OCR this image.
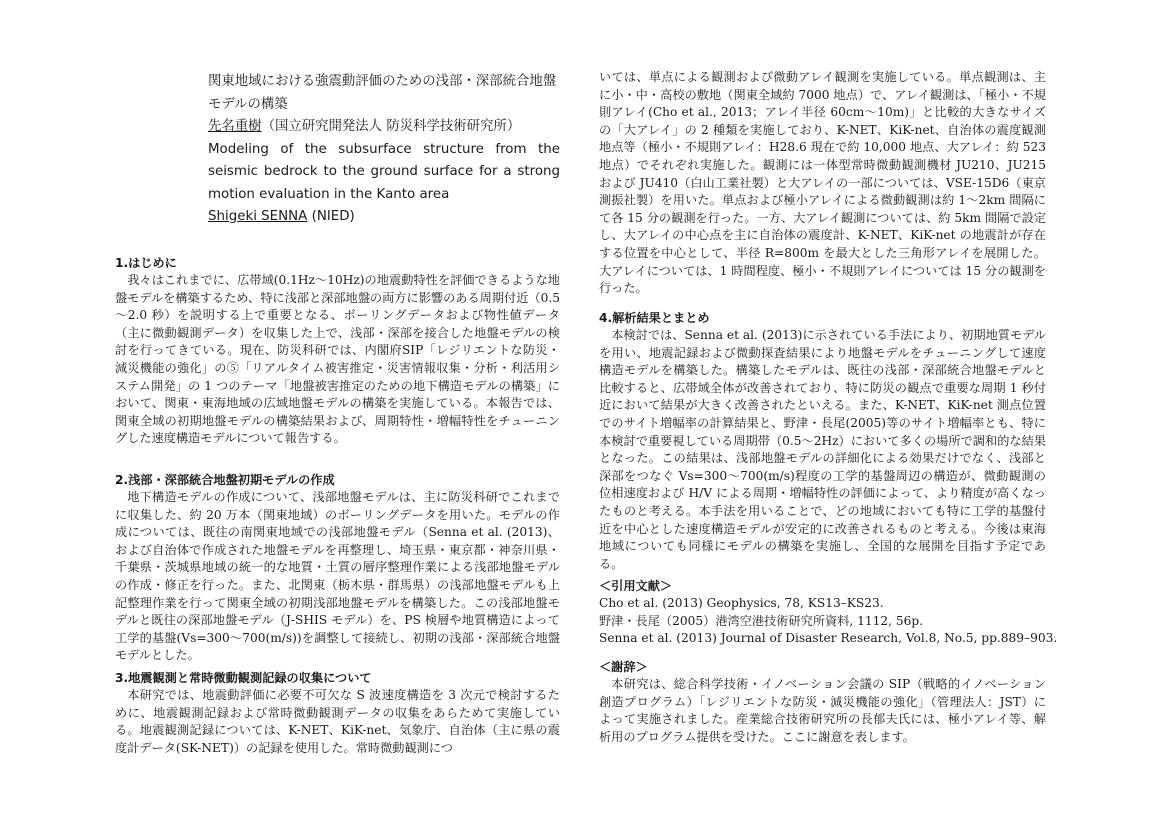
関東地域における強震動評価のための浅部・深部統合地盤モデルの構築

先名重樹（国立研究開発法人 防災科学技術研究所）

Modeling of the subsurface structure from the seismic bedrock to the ground surface for a strong motion evaluation in the Kanto area

Shigeki SENNA (NIED)

1.はじめに

我々はこれまでに、広帯域(0.1Hz～10Hz)の地震動特性を評価できるような地盤モデルを構築するため、特に浅部と深部地盤の両方に影響のある周期付近（0.5～2.0 秒）を説明する上で重要となる、ボーリングデータおよび物性値データ（主に微動観測データ）を収集した上で、浅部・深部を接合した地盤モデルの検討を行ってきている。現在、防災科研では、内閣府SIP「レジリエントな防災・減災機能の強化」の⑤「リアルタイム被害推定・災害情報収集・分析・利活用システム開発」の 1 つのテーマ「地盤被害推定のための地下構造モデルの構築」において、関東・東海地域の広域地盤モデルの構築を実施している。本報告では、関東全域の初期地盤モデルの構築結果および、周期特性・増幅特性をチューニングした速度構造モデルについて報告する。

2.浅部・深部統合地盤初期モデルの作成

地下構造モデルの作成について、浅部地盤モデルは、主に防災科研でこれまでに収集した、約 20 万本（関東地域）のボーリングデータを用いた。モデルの作成については、既往の南関東地域での浅部地盤モデル（Senna et al. (2013)、および自治体で作成された地盤モデルを再整理し、埼玉県・東京都・神奈川県・千葉県・茨城県地域の統一的な地質・土質の層序整理作業による浅部地盤モデルの作成・修正を行った。また、北関東（栃木県・群馬県）の浅部地盤モデルも上記整理作業を行って関東全域の初期浅部地盤モデルを構築した。この浅部地盤モデルと既往の深部地盤モデル（J-SHIS モデル）を、PS 検層や地質構造によって工学的基盤(Vs=300～700(m/s))を調整して接続し、初期の浅部・深部統合地盤モデルとした。

3.地震観測と常時微動観測記録の収集について

本研究では、地震動評価に必要不可欠な S 波速度構造を 3 次元で検討するために、地震観測記録および常時微動観測データの収集をあらためて実施している。地震観測記録については、K-NET、KiK-net、気象庁、自治体（主に県の震度計データ(SK-NET)）の記録を使用した。常時微動観測につ

いては、単点による観測および微動アレイ観測を実施している。単点観測は、主に小・中・高校の敷地（関東全域約 7000 地点）で、アレイ観測は、「極小・不規則アレイ(Cho et al., 2013；アレイ半径 60cm～10m)」と比較的大きなサイズの「大アレイ」の 2 種類を実施しており、K-NET、KiK-net、自治体の震度観測地点等（極小・不規則アレイ：H28.6 現在で約 10,000 地点、大アレイ：約 523 地点）でそれぞれ実施した。観測には一体型常時微動観測機材 JU210、JU215 および JU410（白山工業社製）と大アレイの一部については、VSE-15D6（東京測振社製）を用いた。単点および極小アレイによる微動観測は約 1～2km 間隔にて各 15 分の観測を行った。一方、大アレイ観測については、約 5km 間隔で設定し、大アレイの中心点を主に自治体の震度計、K-NET、KiK-net の地震計が存在する位置を中心として、半径 R=800m を最大とした三角形アレイを展開した。大アレイについては、1 時間程度、極小・不規則アレイについては 15 分の観測を行った。

4.解析結果とまとめ

本検討では、Senna et al. (2013)に示されている手法により、初期地質モデルを用い、地震記録および微動探査結果により地盤モデルをチューニングして速度構造モデルを構築した。構築したモデルは、既往の浅部・深部統合地盤モデルと比較すると、広帯域全体が改善されており、特に防災の観点で重要な周期 1 秒付近において結果が大きく改善されたといえる。また、K-NET、KiK-net 測点位置でのサイト増幅率の計算結果と、野津・長尾(2005)等のサイト増幅率とも、特に本検討で重要視している周期帯（0.5～2Hz）において多くの場所で調和的な結果となった。この結果は、浅部地盤モデルの詳細化による効果だけでなく、浅部と深部をつなぐ Vs=300～700(m/s)程度の工学的基盤周辺の構造が、微動観測の位相速度および H/V による周期・増幅特性の評価によって、より精度が高くなったものと考える。本手法を用いることで、どの地域においても特に工学的基盤付近を中心とした速度構造モデルが安定的に改善されるものと考える。今後は東海地域についても同様にモデルの構築を実施し、全国的な展開を目指す予定である。

＜引用文献＞

Cho et al. (2013) Geophysics, 78, KS13–KS23.

野津・長尾（2005）港湾空港技術研究所資料, 1112, 56p.

Senna et al. (2013) Journal of Disaster Research, Vol.8, No.5, pp.889–903.

＜謝辞＞

本研究は、総合科学技術・イノベーション会議の SIP（戦略的イノベーション創造プログラム）「レジリエントな防災・減災機能の強化」（管理法人：JST）によって実施されました。産業総合技術研究所の長郁夫氏には、極小アレイ等、解析用のプログラム提供を受けた。ここに謝意を表します。
